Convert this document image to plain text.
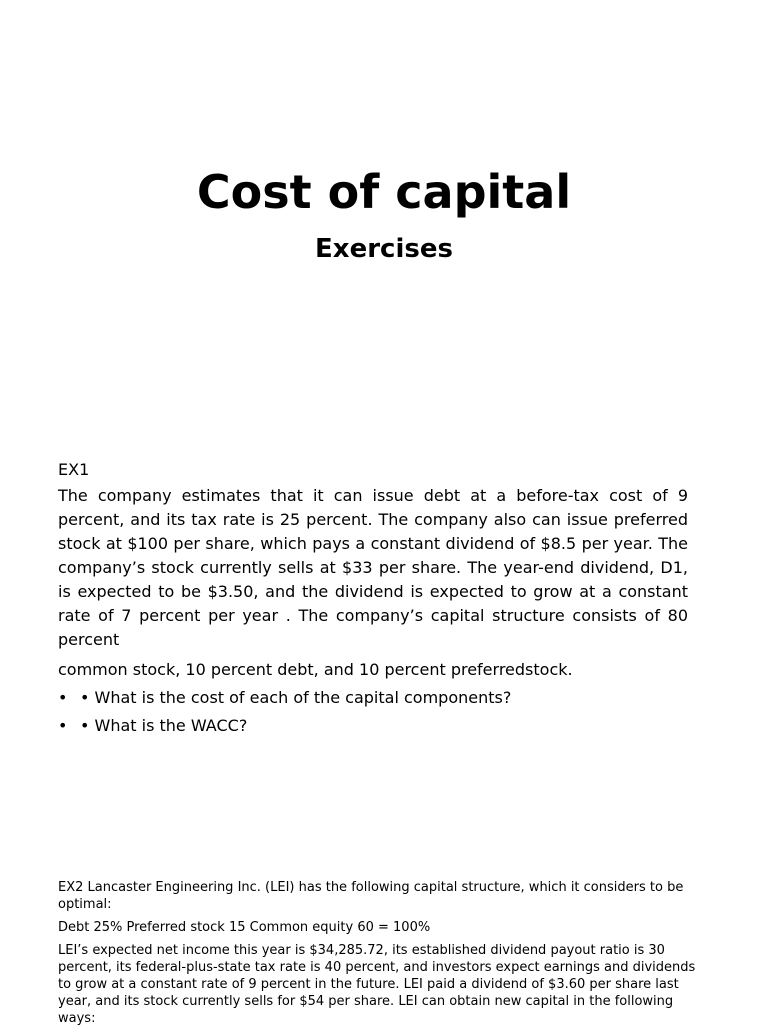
Cost of capital
Exercises
EX1

The company estimates that it can issue debt at a before-tax cost of 9 percent, and its tax rate is 25 percent. The company also can issue preferred stock at $100 per share, which pays a constant dividend of $8.5 per year. The company’s stock currently sells at $33 per share. The year-end dividend, D1, is expected to be $3.50, and the dividend is expected to grow at a constant rate of 7 percent per year . The company’s capital structure consists of 80 percent

common stock, 10 percent debt, and 10 percent preferredstock.

• • What is the cost of each of the capital components?
• • What is the WACC?

EX2 Lancaster Engineering Inc. (LEI) has the following capital structure, which it considers to be optimal:

Debt 25% Preferred stock 15 Common equity 60 = 100%

LEI’s expected net income this year is $34,285.72, its established dividend payout ratio is 30 percent, its federal-plus-state tax rate is 40 percent, and investors expect earnings and dividends to grow at a constant rate of 9 percent in the future. LEI paid a dividend of $3.60 per share last year, and its stock currently sells for $54 per share. LEI can obtain new capital in the following ways:
